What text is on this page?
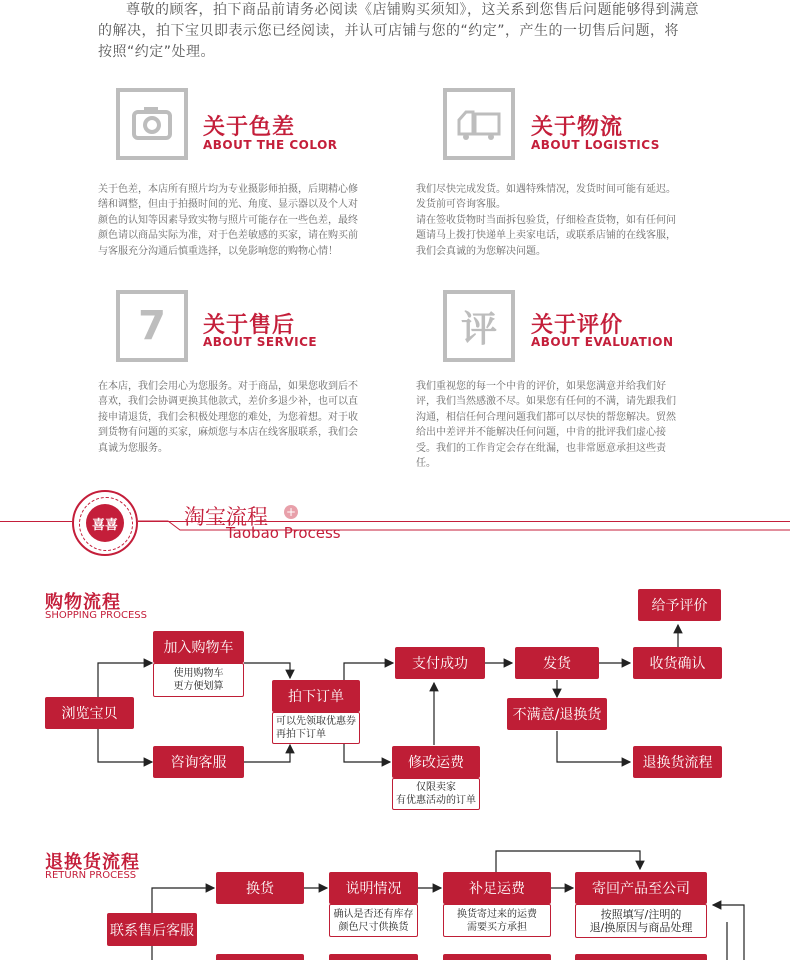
尊敬的顾客，拍下商品前请务必阅读《店铺购买须知》，这关系到您售后问题能够得到满意
的解决，拍下宝贝即表示您已经阅读，并认可店铺与您的“约定”，产生的一切售后问题，将
按照“约定”处理。
关于色差
ABOUT THE COLOR
关于色差，本店所有照片均为专业摄影师拍摄，后期精心修缮和调整，但由于拍摄时间的光、角度、显示器以及个人对颜色的认知等因素导致实物与照片可能存在一些色差，最终颜色请以商品实际为准，对于色差敏感的买家，请在购买前与客服充分沟通后慎重选择，以免影响您的购物心情！
关于物流
ABOUT LOGISTICS
我们尽快完成发货。如遇特殊情况，发货时间可能有延迟。发货前可咨询客服。
请在签收货物时当面拆包验货，仔细检查货物，如有任何问题请马上拨打快递单上卖家电话，或联系店铺的在线客服，我们会真诚的为您解决问题。
7	关于售后
ABOUT SERVICE
在本店，我们会用心为您服务。对于商品，如果您收到后不喜欢，我们会协调更换其他款式，差价多退少补，也可以直接申请退货，我们会积极处理您的难处，为您着想。对于收到货物有问题的买家，麻烦您与本店在线客服联系，我们会真诚为您服务。
评	关于评价
ABOUT EVALUATION
我们重视您的每一个中肯的评价，如果您满意并给我们好评，我们当然感激不尽。如果您有任何的不满，请先跟我们沟通，相信任何合理问题我们都可以尽快的帮您解决。贸然给出中差评并不能解决任何问题，中肯的批评我们虚心接受。我们的工作肯定会存在纰漏，也非常愿意承担这些责任。
喜喜	淘宝流程 +
Taobao Process
购物流程
SHOPPING PROCESS
浏览宝贝
加入购物车
使用购物车
更方便划算
咨询客服
拍下订单
可以先领取优惠券
再拍下订单
支付成功
修改运费
仅限卖家
有优惠活动的订单
发货	收货确认
给予评价
不满意/退换货
退换货流程
退换货流程
RETURN PROCESS
联系售后客服
换货	说明情况
确认是否还有库存
颜色尺寸供换货
补足运费
换货寄过来的运费
需要买方承担
寄回产品至公司
按照填写/注明的
退/换原因与商品处理
